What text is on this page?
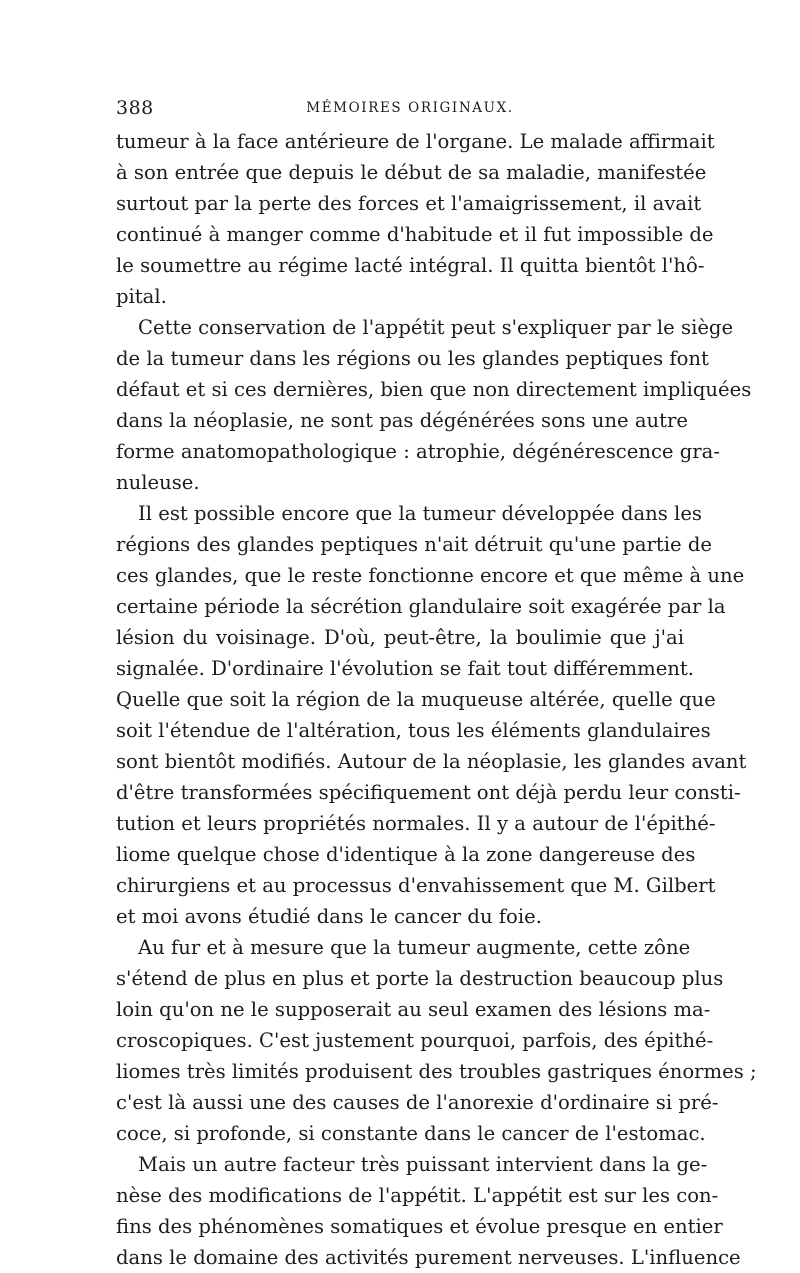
388	MÉMOIRES ORIGINAUX.
tumeur à la face antérieure de l'organe. Le malade affirmait
à son entrée que depuis le début de sa maladie, manifestée
surtout par la perte des forces et l'amaigrissement, il avait
continué à manger comme d'habitude et il fut impossible de
le soumettre au régime lacté intégral. Il quitta bientôt l'hô-
pital.
Cette conservation de l'appétit peut s'expliquer par le siège
de la tumeur dans les régions ou les glandes peptiques font
défaut et si ces dernières, bien que non directement impliquées
dans la néoplasie, ne sont pas dégénérées sons une autre
forme anatomopathologique : atrophie, dégénérescence gra-
nuleuse.
Il est possible encore que la tumeur développée dans les
régions des glandes peptiques n'ait détruit qu'une partie de
ces glandes, que le reste fonctionne encore et que même à une
certaine période la sécrétion glandulaire soit exagérée par la
lésion du voisinage. D'où, peut-être, la boulimie que j'ai
signalée. D'ordinaire l'évolution se fait tout différemment.
Quelle que soit la région de la muqueuse altérée, quelle que
soit l'étendue de l'altération, tous les éléments glandulaires
sont bientôt modifiés. Autour de la néoplasie, les glandes avant
d'être transformées spécifiquement ont déjà perdu leur consti-
tution et leurs propriétés normales. Il y a autour de l'épithé-
liome quelque chose d'identique à la zone dangereuse des
chirurgiens et au processus d'envahissement que M. Gilbert
et moi avons étudié dans le cancer du foie.
Au fur et à mesure que la tumeur augmente, cette zône
s'étend de plus en plus et porte la destruction beaucoup plus
loin qu'on ne le supposerait au seul examen des lésions ma-
croscopiques. C'est justement pourquoi, parfois, des épithé-
liomes très limités produisent des troubles gastriques énormes ;
c'est là aussi une des causes de l'anorexie d'ordinaire si pré-
coce, si profonde, si constante dans le cancer de l'estomac.
Mais un autre facteur très puissant intervient dans la ge-
nèse des modifications de l'appétit. L'appétit est sur les con-
fins des phénomènes somatiques et évolue presque en entier
dans le domaine des activités purement nerveuses. L'influence
